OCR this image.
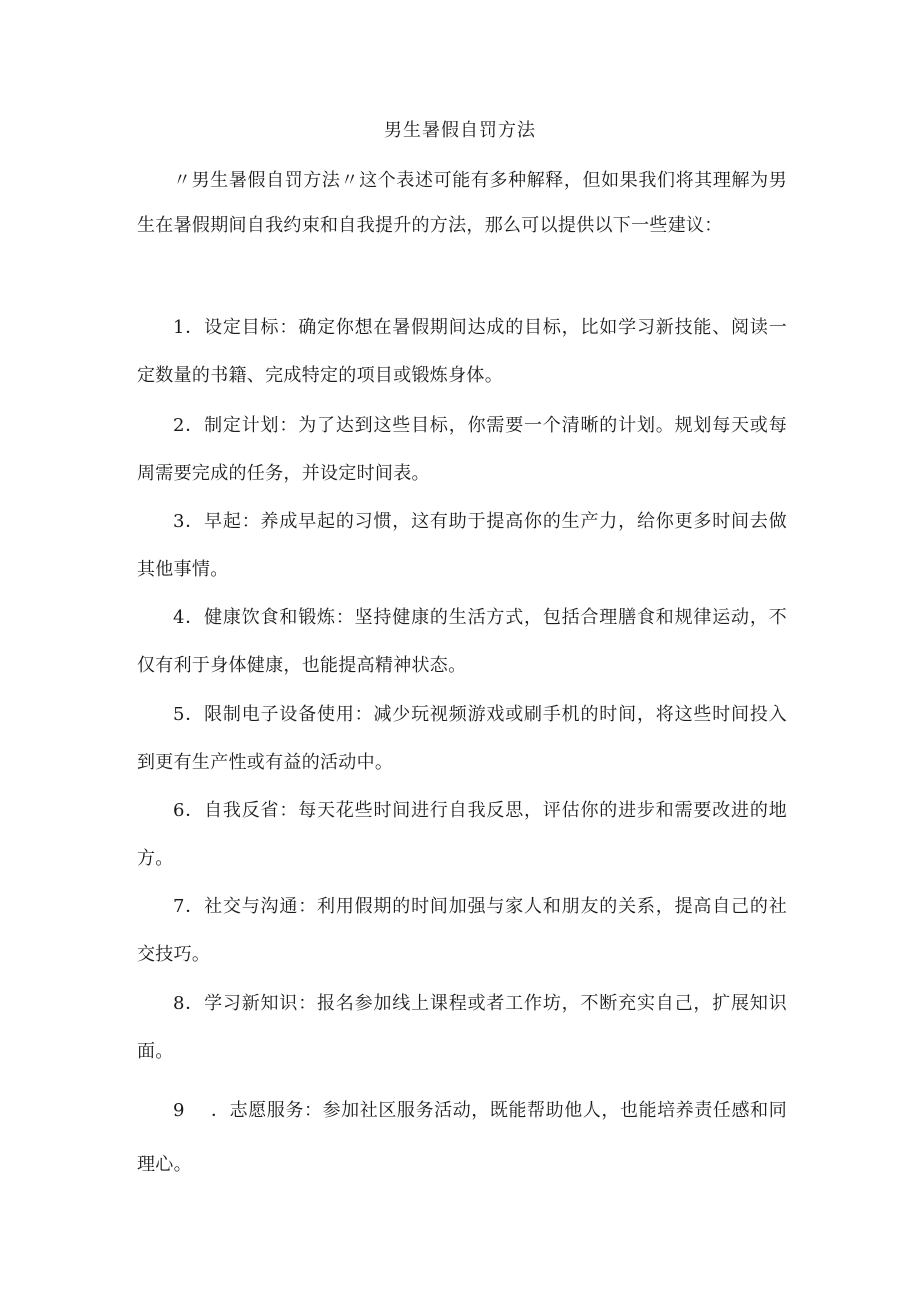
男生暑假自罚方法

〃男生暑假自罚方法〃这个表述可能有多种解释，但如果我们将其理解为男生在暑假期间自我约束和自我提升的方法，那么可以提供以下一些建议：

1．设定目标：确定你想在暑假期间达成的目标，比如学习新技能、阅读一定数量的书籍、完成特定的项目或锻炼身体。

2．制定计划：为了达到这些目标，你需要一个清晰的计划。规划每天或每周需要完成的任务，并设定时间表。

3．早起：养成早起的习惯，这有助于提高你的生产力，给你更多时间去做其他事情。

4．健康饮食和锻炼：坚持健康的生活方式，包括合理膳食和规律运动，不仅有利于身体健康，也能提高精神状态。

5．限制电子设备使用：减少玩视频游戏或刷手机的时间，将这些时间投入到更有生产性或有益的活动中。

6．自我反省：每天花些时间进行自我反思，评估你的进步和需要改进的地方。

7．社交与沟通：利用假期的时间加强与家人和朋友的关系，提高自己的社交技巧。

8．学习新知识：报名参加线上课程或者工作坊，不断充实自己，扩展知识面。

9 ．志愿服务：参加社区服务活动，既能帮助他人，也能培养责任感和同理心。
